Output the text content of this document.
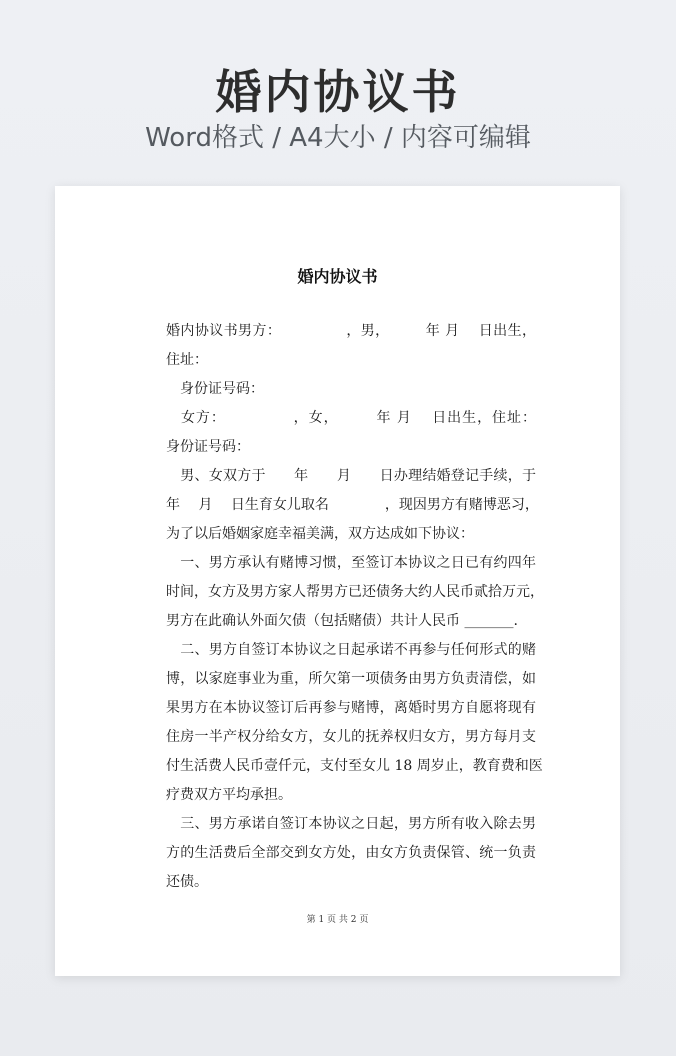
婚内协议书
Word格式 / A4大小 / 内容可编辑
婚内协议书
婚内协议书男方：　　　　　，男，　　　年 月　 日出生，
住址：
　身份证号码：
　女方：　　　　　，女，　　　年 月　 日出生，住址：
身份证号码：
　男、女双方于　　年　　月　　日办理结婚登记手续，于
年　 月　 日生育女儿取名　　　　，现因男方有赌博恶习，
为了以后婚姻家庭幸福美满，双方达成如下协议：
　一、男方承认有赌博习惯，至签订本协议之日已有约四年
时间，女方及男方家人帮男方已还债务大约人民币贰拾万元，
男方在此确认外面欠债（包括赌债）共计人民币 _______.
　二、男方自签订本协议之日起承诺不再参与任何形式的赌
博，以家庭事业为重，所欠第一项债务由男方负责清偿，如
果男方在本协议签订后再参与赌博，离婚时男方自愿将现有
住房一半产权分给女方，女儿的抚养权归女方，男方每月支
付生活费人民币壹仟元，支付至女儿 18 周岁止，教育费和医
疗费双方平均承担。
　三、男方承诺自签订本协议之日起，男方所有收入除去男
方的生活费后全部交到女方处，由女方负责保管、统一负责
还债。
第 1 页 共 2 页
